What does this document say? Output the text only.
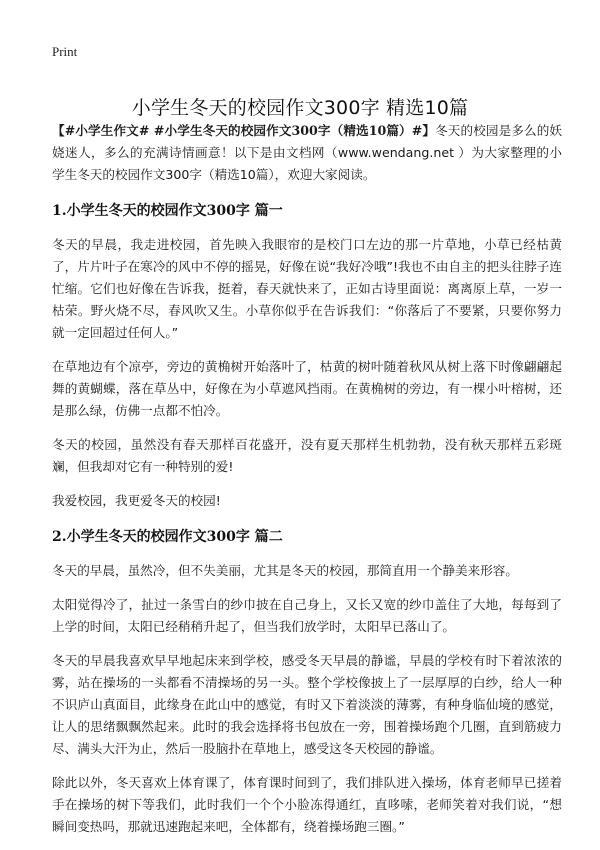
Print
小学生冬天的校园作文300字 精选10篇

【#小学生作文# #小学生冬天的校园作文300字（精选10篇）#】冬天的校园是多么的妖娆迷人，多么的充满诗情画意！以下是由文档网（www.wendang.net ）为大家整理的小学生冬天的校园作文300字（精选10篇），欢迎大家阅读。

1.小学生冬天的校园作文300字 篇一

冬天的早晨，我走进校园，首先映入我眼帘的是校门口左边的那一片草地，小草已经枯黄了，片片叶子在寒冷的风中不停的摇晃，好像在说“我好冷哦”!我也不由自主的把头往脖子连忙缩。它们也好像在告诉我，挺着，春天就快来了，正如古诗里面说：离离原上草，一岁一枯荣。野火烧不尽，春风吹又生。小草你似乎在告诉我们：“你落后了不要紧，只要你努力就一定回超过任何人。”

在草地边有个凉亭，旁边的黄桷树开始落叶了，枯黄的树叶随着秋风从树上落下时像翩翩起舞的黄蝴蝶，落在草丛中，好像在为小草遮风挡雨。在黄桷树的旁边，有一棵小叶榕树，还是那么绿，仿佛一点都不怕冷。

冬天的校园，虽然没有春天那样百花盛开，没有夏天那样生机勃勃，没有秋天那样五彩斑斓，但我却对它有一种特别的爱!

我爱校园，我更爱冬天的校园!

2.小学生冬天的校园作文300字 篇二

冬天的早晨，虽然冷，但不失美丽，尤其是冬天的校园，那简直用一个静美来形容。

太阳觉得冷了，扯过一条雪白的纱巾披在自己身上，又长又宽的纱巾盖住了大地，每每到了上学的时间，太阳已经稍稍升起了，但当我们放学时，太阳早已落山了。

冬天的早晨我喜欢早早地起床来到学校，感受冬天早晨的静谧，早晨的学校有时下着浓浓的雾，站在操场的一头都看不清操场的另一头。整个学校像披上了一层厚厚的白纱，给人一种不识庐山真面目，此缘身在此山中的感觉，有时又下着淡淡的薄雾，有种身临仙境的感觉，让人的思绪飘飘然起来。此时的我会选择将书包放在一旁，围着操场跑个几圈，直到筋疲力尽、满头大汗为止，然后一股脑扑在草地上，感受这冬天校园的静谧。

除此以外，冬天喜欢上体育课了，体育课时间到了，我们排队进入操场，体育老师早已搓着手在操场的树下等我们，此时我们一个个小脸冻得通红，直哆嗦，老师笑着对我们说，“想瞬间变热吗，那就迅速跑起来吧，全体都有，绕着操场跑三圈。”
